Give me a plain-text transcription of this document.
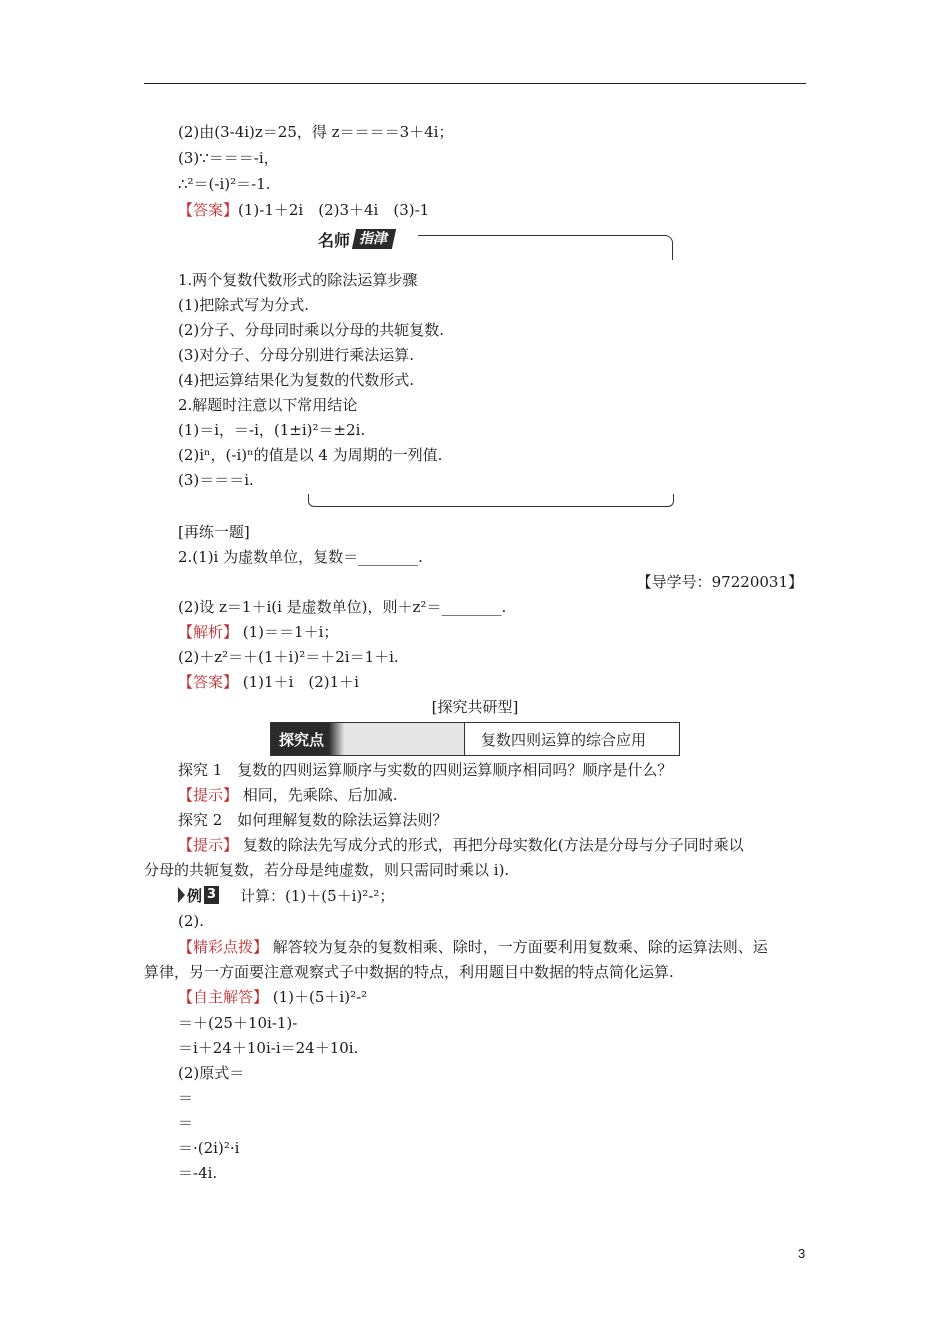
(2)由(3-4i)z＝25，得 z＝＝＝＝3＋4i；
(3)∵＝＝＝-i，
∴²＝(-i)²＝-1.
【答案】(1)-1＋2i　(2)3＋4i　(3)-1
名师 指津
1.两个复数代数形式的除法运算步骤
(1)把除式写为分式.
(2)分子、分母同时乘以分母的共轭复数.
(3)对分子、分母分别进行乘法运算.
(4)把运算结果化为复数的代数形式.
2.解题时注意以下常用结论
(1)＝i，＝-i，(1±i)²＝±2i.
(2)iⁿ，(-i)ⁿ的值是以 4 为周期的一列值.
(3)＝＝＝i.
[再练一题]
2.(1)i 为虚数单位，复数＝________.
【导学号：97220031】
(2)设 z＝1＋i(i 是虚数单位)，则＋z²＝________.
【解析】 (1)＝＝1＋i；
(2)＋z²＝＋(1＋i)²＝＋2i＝1＋i.
【答案】 (1)1＋i　(2)1＋i
[探究共研型]
探究点	复数四则运算的综合应用
探究 1　复数的四则运算顺序与实数的四则运算顺序相同吗？顺序是什么？
【提示】 相同，先乘除、后加减.
探究 2　如何理解复数的除法运算法则？
【提示】 复数的除法先写成分式的形式，再把分母实数化(方法是分母与分子同时乘以
分母的共轭复数，若分母是纯虚数，则只需同时乘以 i).
例 3 计算：(1)＋(5＋i)²-²；
(2).
【精彩点拨】 解答较为复杂的复数相乘、除时，一方面要利用复数乘、除的运算法则、运
算律，另一方面要注意观察式子中数据的特点，利用题目中数据的特点简化运算.
【自主解答】 (1)＋(5＋i)²-²
＝＋(25＋10i-1)-
＝i＋24＋10i-i＝24＋10i.
(2)原式＝
＝
＝
＝·(2i)²·i
＝-4i.
3
